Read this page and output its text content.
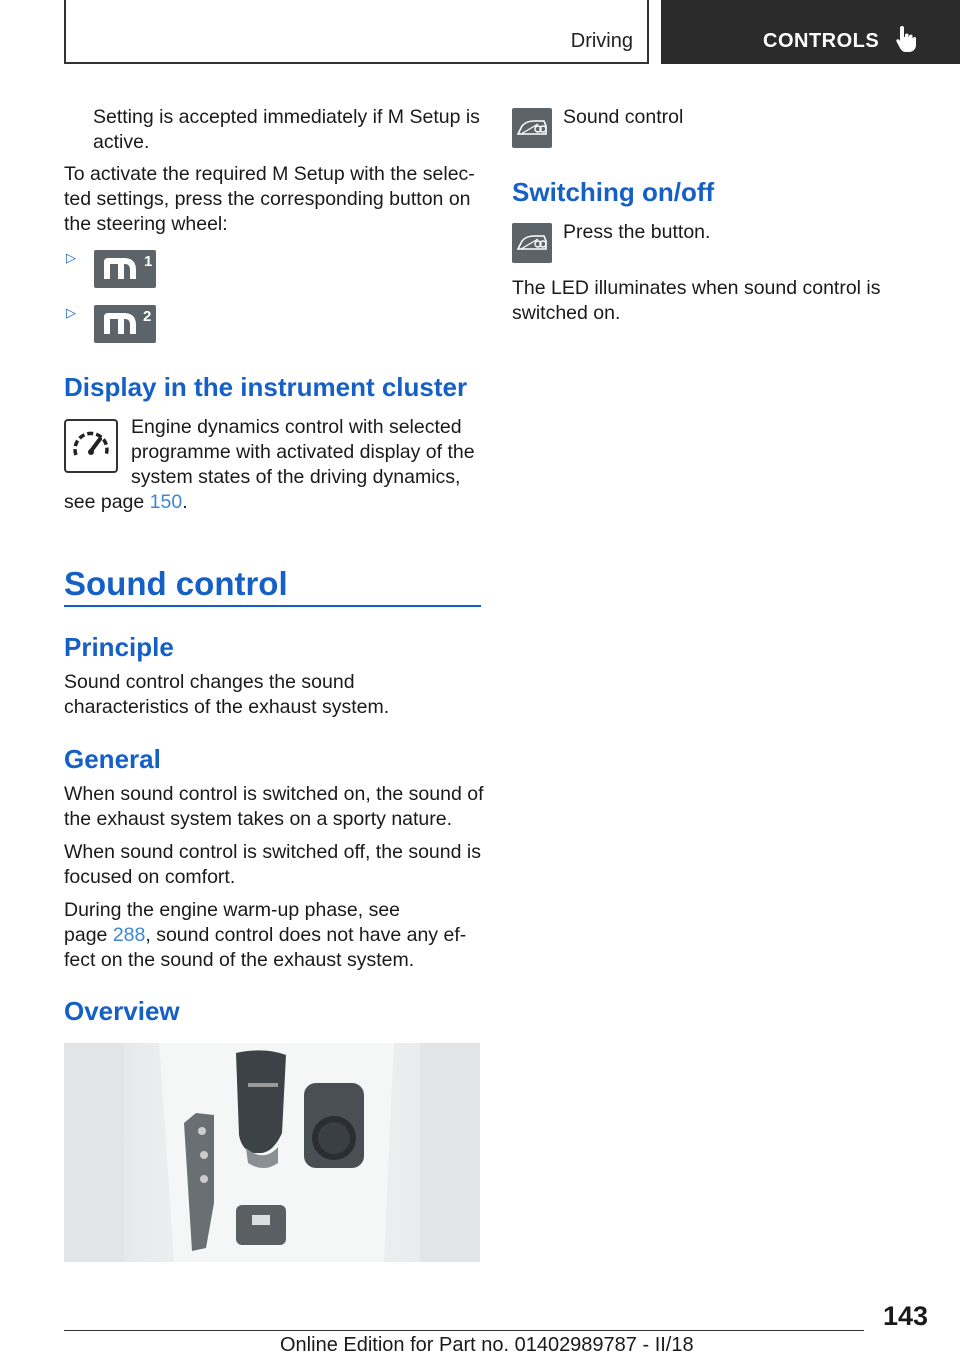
Driving	CONTROLS
Setting is accepted immediately if M Setup is active.
To activate the required M Setup with the selec-ted settings, press the corresponding button on the steering wheel:
▷	1
▷	2
Display in the instrument cluster
Engine dynamics control with selected programme with activated display of the system states of the driving dynamics,
see page 150.
Sound control
Principle
Sound control changes the sound characteristics of the exhaust system.
General
When sound control is switched on, the sound of the exhaust system takes on a sporty nature.
When sound control is switched off, the sound is focused on comfort.
During the engine warm-up phase, see
page 288, sound control does not have any ef-fect on the sound of the exhaust system.
Overview
Sound control
Switching on/off
Press the button.
The LED illuminates when sound control is switched on.
143
Online Edition for Part no. 01402989787 - II/18
